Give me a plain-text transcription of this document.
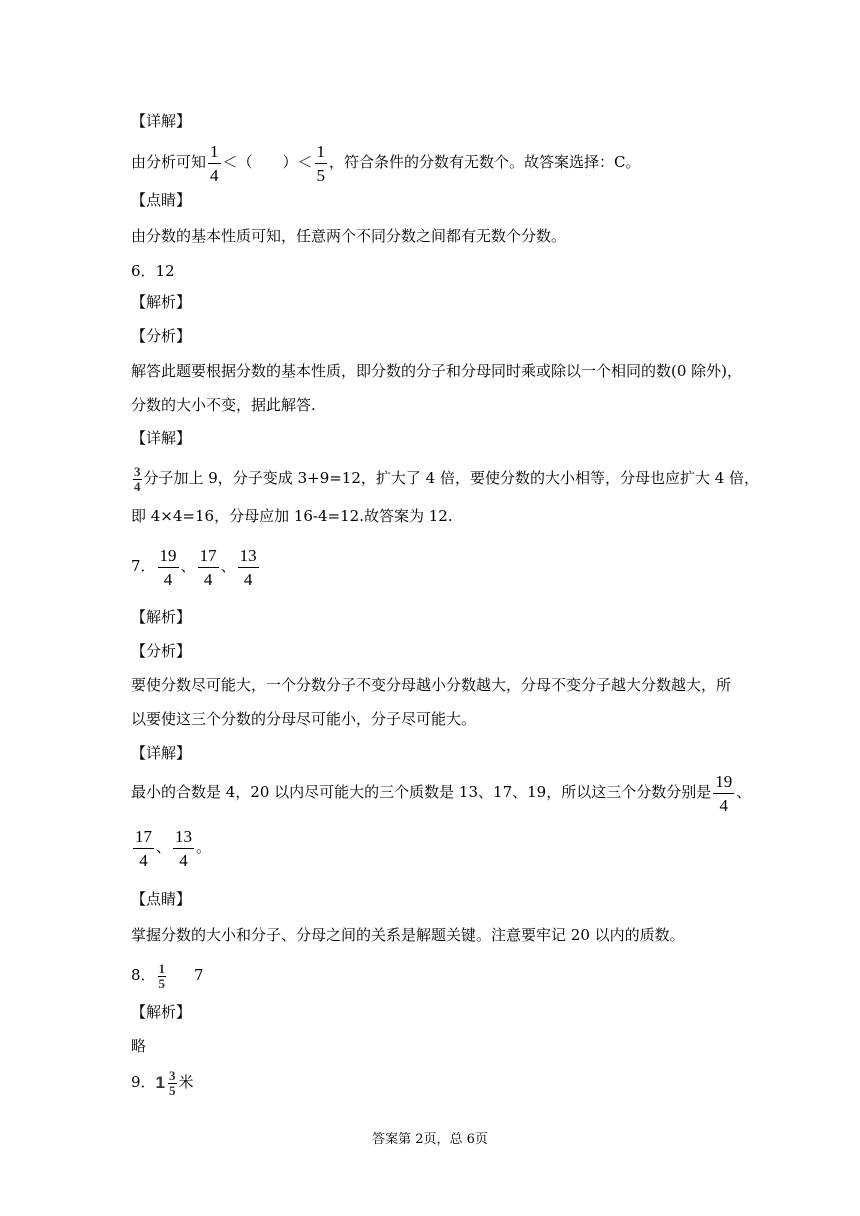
【详解】
由分析可知 $\frac{1}{4}$ ＜（　　）＜ $\frac{1}{5}$ ，符合条件的分数有无数个。故答案选择：C。
【点睛】
由分数的基本性质可知，任意两个不同分数之间都有无数个分数。
6．12
【解析】
【分析】
解答此题要根据分数的基本性质，即分数的分子和分母同时乘或除以一个相同的数(0 除外)，
分数的大小不变，据此解答.
【详解】
$\frac{3}{4}$ 分子加上 9，分子变成 3+9=12，扩大了 4 倍，要使分数的大小相等，分母也应扩大 4 倍，
即 4×4=16，分母应加 16-4=12.故答案为 12.
7． $\frac{19}{4}$ 、 $\frac{17}{4}$ 、 $\frac{13}{4}$
【解析】
【分析】
要使分数尽可能大，一个分数分子不变分母越小分数越大，分母不变分子越大分数越大，所
以要使这三个分数的分母尽可能小，分子尽可能大。
【详解】
最小的合数是 4，20 以内尽可能大的三个质数是 13、17、19，所以这三个分数分别是 $\frac{19}{4}$ 、
$\frac{17}{4}$ 、 $\frac{13}{4}$ 。
【点睛】
掌握分数的大小和分子、分母之间的关系是解题关键。注意要牢记 20 以内的质数。
8． $\frac{1}{5} 7$
【解析】
略
9． $1 \frac{3}{5}$ 米
答案第 2页，总 6页
